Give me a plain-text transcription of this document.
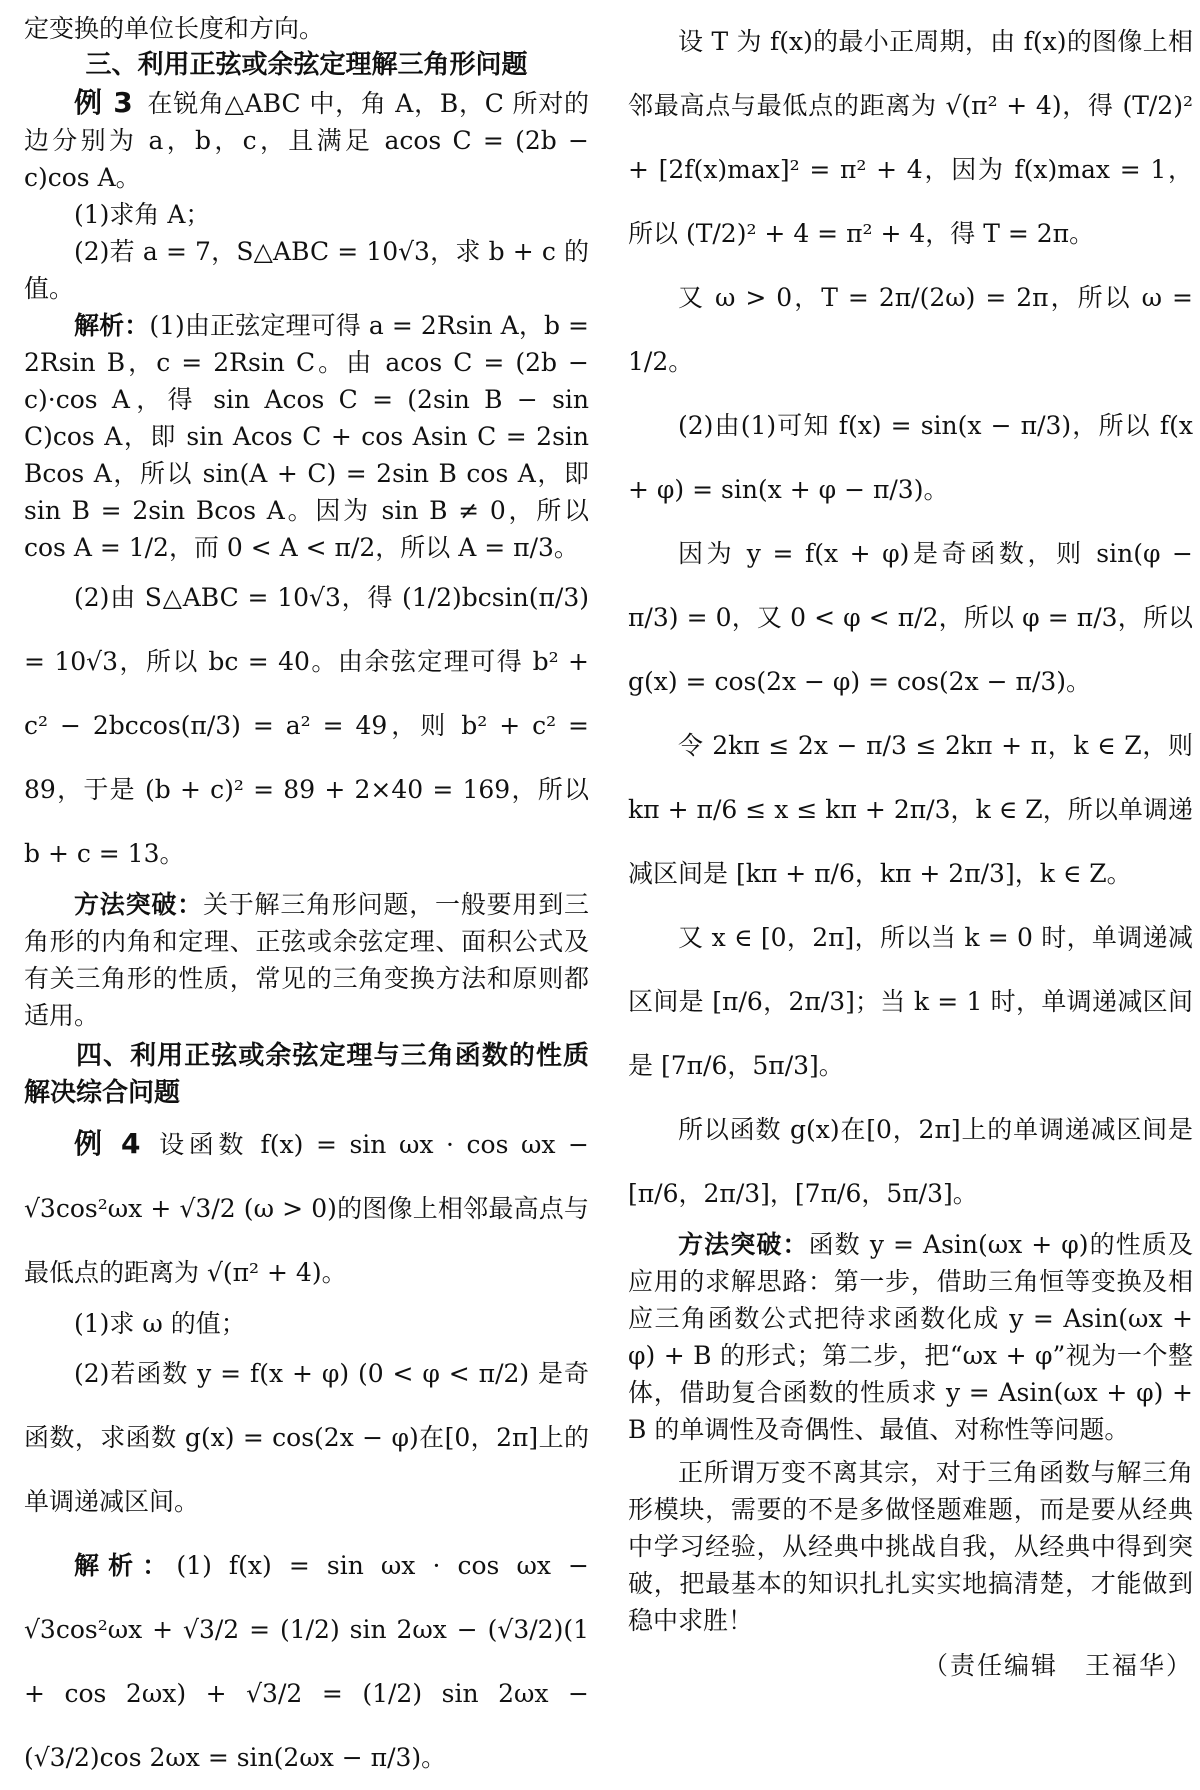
定变换的单位长度和方向。

三、利用正弦或余弦定理解三角形问题

例 3 在锐角△ABC 中，角 A，B，C 所对的边分别为 a，b，c，且满足 acos C = (2b − c)cos A。

(1)求角 A；

(2)若 a = 7，S△ABC = 10√3，求 b + c 的值。

解析：(1)由正弦定理可得 a = 2Rsin A，b = 2Rsin B，c = 2Rsin C。由 acos C = (2b − c)·cos A，得 sin Acos C = (2sin B − sin C)cos A，即 sin Acos C + cos Asin C = 2sin Bcos A，所以 sin(A + C) = 2sin B cos A，即 sin B = 2sin Bcos A。因为 sin B ≠ 0，所以 cos A = 1/2，而 0 < A < π/2，所以 A = π/3。

(2)由 S△ABC = 10√3，得 (1/2)bcsin(π/3) = 10√3，所以 bc = 40。由余弦定理可得 b² + c² − 2bccos(π/3) = a² = 49，则 b² + c² = 89，于是 (b + c)² = 89 + 2×40 = 169，所以 b + c = 13。

方法突破：关于解三角形问题，一般要用到三角形的内角和定理、正弦或余弦定理、面积公式及有关三角形的性质，常见的三角变换方法和原则都适用。

四、利用正弦或余弦定理与三角函数的性质解决综合问题

例 4 设函数 f(x) = sin ωx · cos ωx − √3cos²ωx + √3/2 (ω > 0)的图像上相邻最高点与最低点的距离为 √(π² + 4)。

(1)求 ω 的值；

(2)若函数 y = f(x + φ) (0 < φ < π/2) 是奇函数，求函数 g(x) = cos(2x − φ)在[0，2π]上的单调递减区间。

解析：(1) f(x) = sin ωx · cos ωx − √3cos²ωx + √3/2 = (1/2) sin 2ωx − (√3/2)(1 + cos 2ωx) + √3/2 = (1/2) sin 2ωx − (√3/2)cos 2ωx = sin(2ωx − π/3)。

设 T 为 f(x)的最小正周期，由 f(x)的图像上相邻最高点与最低点的距离为 √(π² + 4)，得 (T/2)² + [2f(x)max]² = π² + 4，因为 f(x)max = 1，所以 (T/2)² + 4 = π² + 4，得 T = 2π。

又 ω > 0，T = 2π/(2ω) = 2π，所以 ω = 1/2。

(2)由(1)可知 f(x) = sin(x − π/3)，所以 f(x + φ) = sin(x + φ − π/3)。

因为 y = f(x + φ)是奇函数，则 sin(φ − π/3) = 0，又 0 < φ < π/2，所以 φ = π/3，所以 g(x) = cos(2x − φ) = cos(2x − π/3)。

令 2kπ ≤ 2x − π/3 ≤ 2kπ + π，k ∈ Z，则 kπ + π/6 ≤ x ≤ kπ + 2π/3，k ∈ Z，所以单调递减区间是 [kπ + π/6，kπ + 2π/3]，k ∈ Z。

又 x ∈ [0，2π]，所以当 k = 0 时，单调递减区间是 [π/6，2π/3]；当 k = 1 时，单调递减区间是 [7π/6，5π/3]。

所以函数 g(x)在[0，2π]上的单调递减区间是 [π/6，2π/3]，[7π/6，5π/3]。

方法突破：函数 y = Asin(ωx + φ)的性质及应用的求解思路：第一步，借助三角恒等变换及相应三角函数公式把待求函数化成 y = Asin(ωx + φ) + B 的形式；第二步，把“ωx + φ”视为一个整体，借助复合函数的性质求 y = Asin(ωx + φ) + B 的单调性及奇偶性、最值、对称性等问题。

正所谓万变不离其宗，对于三角函数与解三角形模块，需要的不是多做怪题难题，而是要从经典中学习经验，从经典中挑战自我，从经典中得到突破，把最基本的知识扎扎实实地搞清楚，才能做到稳中求胜！

（责任编辑　王福华）
